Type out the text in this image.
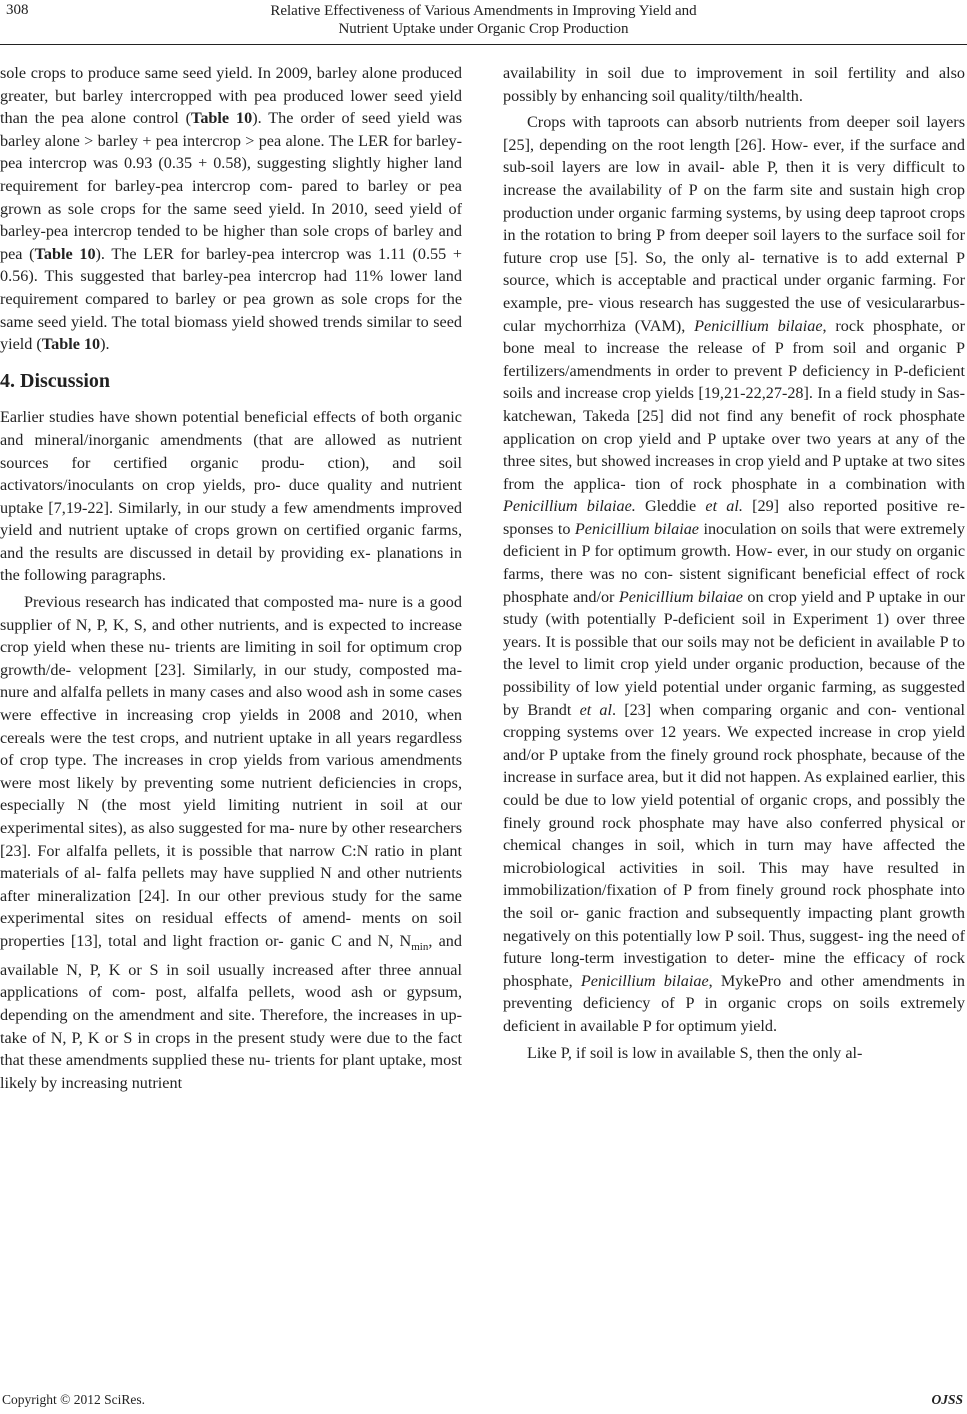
308	Relative Effectiveness of Various Amendments in Improving Yield and
Nutrient Uptake under Organic Crop Production

sole crops to produce same seed yield. In 2009, barley alone produced greater, but barley intercropped with pea produced lower seed yield than the pea alone control (Table 10). The order of seed yield was barley alone > barley + pea intercrop > pea alone. The LER for barley-pea intercrop was 0.93 (0.35 + 0.58), suggesting slightly higher land requirement for barley-pea intercrop com- pared to barley or pea grown as sole crops for the same seed yield. In 2010, seed yield of barley-pea intercrop tended to be higher than sole crops of barley and pea (Table 10). The LER for barley-pea intercrop was 1.11 (0.55 + 0.56). This suggested that barley-pea intercrop had 11% lower land requirement compared to barley or pea grown as sole crops for the same seed yield. The total biomass yield showed trends similar to seed yield (Table 10).

4. Discussion

Earlier studies have shown potential beneficial effects of both organic and mineral/inorganic amendments (that are allowed as nutrient sources for certified organic produ- ction), and soil activators/inoculants on crop yields, pro- duce quality and nutrient uptake [7,19-22]. Similarly, in our study a few amendments improved yield and nutrient uptake of crops grown on certified organic farms, and the results are discussed in detail by providing ex- planations in the following paragraphs.

Previous research has indicated that composted ma- nure is a good supplier of N, P, K, S, and other nutrients, and is expected to increase crop yield when these nu- trients are limiting in soil for optimum crop growth/de- velopment [23]. Similarly, in our study, composted ma- nure and alfalfa pellets in many cases and also wood ash in some cases were effective in increasing crop yields in 2008 and 2010, when cereals were the test crops, and nutrient uptake in all years regardless of crop type. The increases in crop yields from various amendments were most likely by preventing some nutrient deficiencies in crops, especially N (the most yield limiting nutrient in soil at our experimental sites), as also suggested for ma- nure by other researchers [23]. For alfalfa pellets, it is possible that narrow C:N ratio in plant materials of al- falfa pellets may have supplied N and other nutrients after mineralization [24]. In our other previous study for the same experimental sites on residual effects of amend- ments on soil properties [13], total and light fraction or- ganic C and N, $N_{min}$, and available N, P, K or S in soil usually increased after three annual applications of com- post, alfalfa pellets, wood ash or gypsum, depending on the amendment and site. Therefore, the increases in up- take of N, P, K or S in crops in the present study were due to the fact that these amendments supplied these nu- trients for plant uptake, most likely by increasing nutrient

availability in soil due to improvement in soil fertility and also possibly by enhancing soil quality/tilth/health.

Crops with taproots can absorb nutrients from deeper soil layers [25], depending on the root length [26]. How- ever, if the surface and sub-soil layers are low in avail- able P, then it is very difficult to increase the availability of P on the farm site and sustain high crop production under organic farming systems, by using deep taproot crops in the rotation to bring P from deeper soil layers to the surface soil for future crop use [5]. So, the only al- ternative is to add external P source, which is acceptable and practical under organic farming. For example, pre- vious research has suggested the use of vesiculararbus- cular mychorrhiza (VAM), Penicillium bilaiae, rock phosphate, or bone meal to increase the release of P from soil and organic P fertilizers/amendments in order to prevent P deficiency in P-deficient soils and increase crop yields [19,21-22,27-28]. In a field study in Sas- katchewan, Takeda [25] did not find any benefit of rock phosphate application on crop yield and P uptake over two years at any of the three sites, but showed increases in crop yield and P uptake at two sites from the applica- tion of rock phosphate in a combination with Penicillium bilaiae. Gleddie et al. [29] also reported positive re- sponses to Penicillium bilaiae inoculation on soils that were extremely deficient in P for optimum growth. How- ever, in our study on organic farms, there was no con- sistent significant beneficial effect of rock phosphate and/or Penicillium bilaiae on crop yield and P uptake in our study (with potentially P-deficient soil in Experiment 1) over three years. It is possible that our soils may not be deficient in available P to the level to limit crop yield under organic production, because of the possibility of low yield potential under organic farming, as suggested by Brandt et al. [23] when comparing organic and con- ventional cropping systems over 12 years. We expected increase in crop yield and/or P uptake from the finely ground rock phosphate, because of the increase in surface area, but it did not happen. As explained earlier, this could be due to low yield potential of organic crops, and possibly the finely ground rock phosphate may have also conferred physical or chemical changes in soil, which in turn may have affected the microbiological activities in soil. This may have resulted in immobilization/fixation of P from finely ground rock phosphate into the soil or- ganic fraction and subsequently impacting plant growth negatively on this potentially low P soil. Thus, suggest- ing the need of future long-term investigation to deter- mine the efficacy of rock phosphate, Penicillium bilaiae, MykePro and other amendments in preventing deficiency of P in organic crops on soils extremely deficient in available P for optimum yield.

Like P, if soil is low in available S, then the only al-

Copyright © 2012 SciRes.	OJSS
